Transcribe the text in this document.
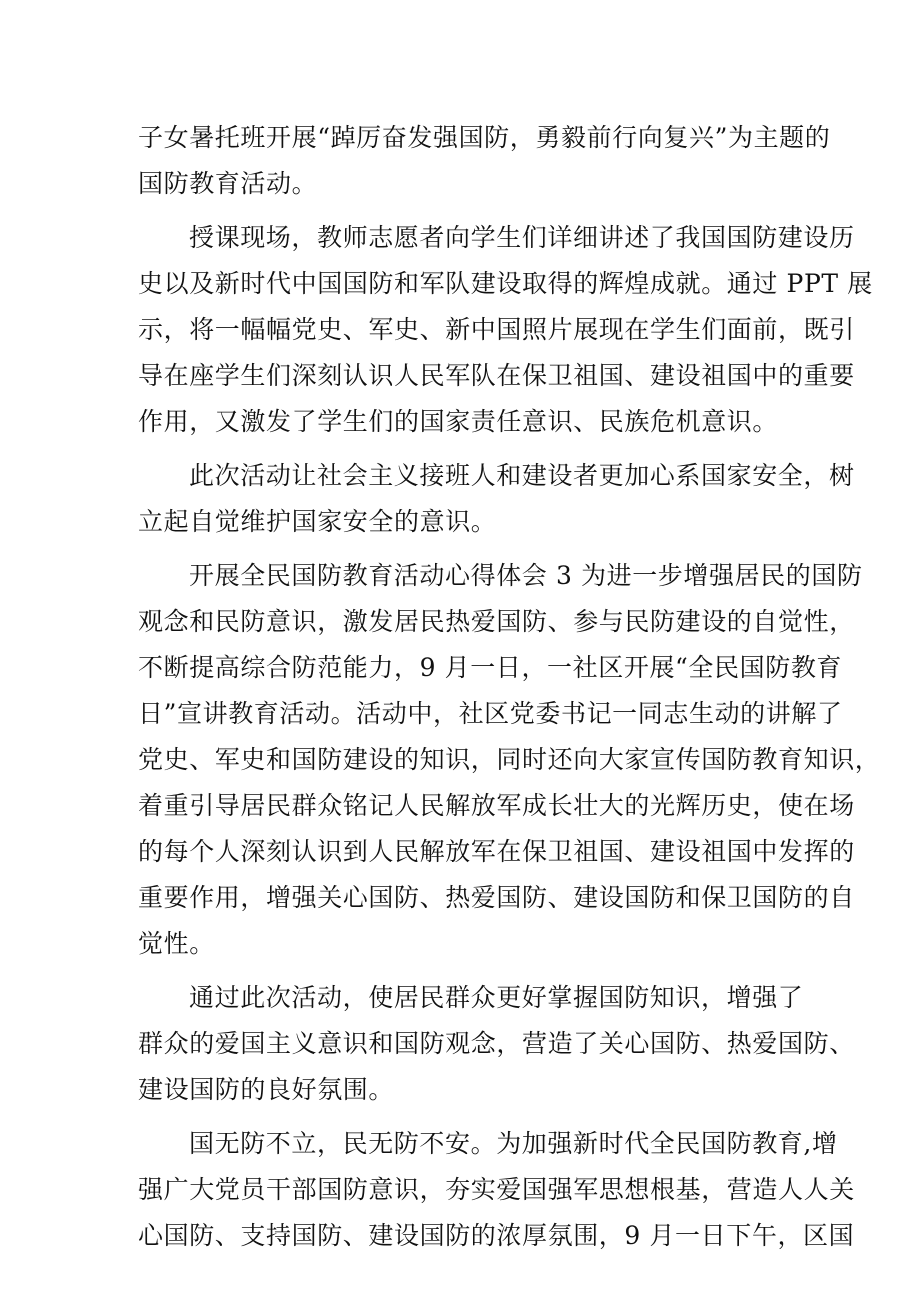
子女暑托班开展“踔厉奋发强国防，勇毅前行向复兴”为主题的
国防教育活动。
授课现场，教师志愿者向学生们详细讲述了我国国防建设历
史以及新时代中国国防和军队建设取得的辉煌成就。通过 PPT 展
示，将一幅幅党史、军史、新中国照片展现在学生们面前，既引
导在座学生们深刻认识人民军队在保卫祖国、建设祖国中的重要
作用，又激发了学生们的国家责任意识、民族危机意识。
此次活动让社会主义接班人和建设者更加心系国家安全，树
立起自觉维护国家安全的意识。
开展全民国防教育活动心得体会 3 为进一步增强居民的国防
观念和民防意识，激发居民热爱国防、参与民防建设的自觉性，
不断提高综合防范能力，9 月一日，一社区开展“全民国防教育
日”宣讲教育活动。活动中，社区党委书记一同志生动的讲解了
党史、军史和国防建设的知识，同时还向大家宣传国防教育知识，
着重引导居民群众铭记人民解放军成长壮大的光辉历史，使在场
的每个人深刻认识到人民解放军在保卫祖国、建设祖国中发挥的
重要作用，增强关心国防、热爱国防、建设国防和保卫国防的自
觉性。
通过此次活动，使居民群众更好掌握国防知识，增强了
群众的爱国主义意识和国防观念，营造了关心国防、热爱国防、
建设国防的良好氛围。
国无防不立，民无防不安。为加强新时代全民国防教育,增
强广大党员干部国防意识，夯实爱国强军思想根基，营造人人关
心国防、支持国防、建设国防的浓厚氛围，9 月一日下午，区国
